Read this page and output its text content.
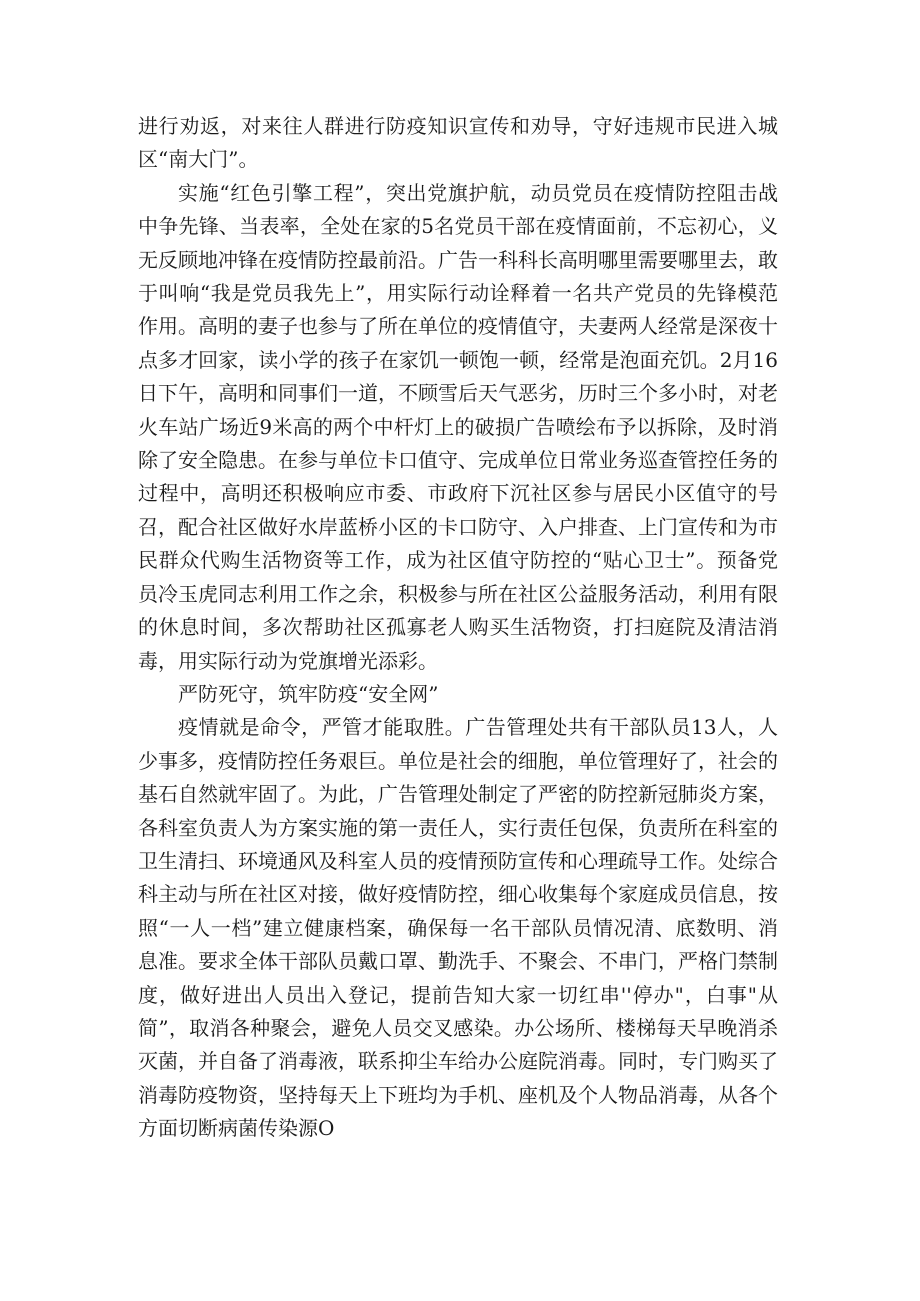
进行劝返，对来往人群进行防疫知识宣传和劝导，守好违规市民进入城区“南大门”。

实施“红色引擎工程”，突出党旗护航，动员党员在疫情防控阻击战中争先锋、当表率，全处在家的5名党员干部在疫情面前，不忘初心，义无反顾地冲锋在疫情防控最前沿。广告一科科长高明哪里需要哪里去，敢于叫响“我是党员我先上”，用实际行动诠释着一名共产党员的先锋模范作用。高明的妻子也参与了所在单位的疫情值守，夫妻两人经常是深夜十点多才回家，读小学的孩子在家饥一顿饱一顿，经常是泡面充饥。2月16日下午，高明和同事们一道，不顾雪后天气恶劣，历时三个多小时，对老火车站广场近9米高的两个中杆灯上的破损广告喷绘布予以拆除，及时消除了安全隐患。在参与单位卡口值守、完成单位日常业务巡查管控任务的过程中，高明还积极响应市委、市政府下沉社区参与居民小区值守的号召，配合社区做好水岸蓝桥小区的卡口防守、入户排查、上门宣传和为市民群众代购生活物资等工作，成为社区值守防控的“贴心卫士”。预备党员冷玉虎同志利用工作之余，积极参与所在社区公益服务活动，利用有限的休息时间，多次帮助社区孤寡老人购买生活物资，打扫庭院及清洁消毒，用实际行动为党旗增光添彩。

严防死守，筑牢防疫“安全网”

疫情就是命令，严管才能取胜。广告管理处共有干部队员13人，人少事多，疫情防控任务艰巨。单位是社会的细胞，单位管理好了，社会的基石自然就牢固了。为此，广告管理处制定了严密的防控新冠肺炎方案，各科室负责人为方案实施的第一责任人，实行责任包保，负责所在科室的卫生清扫、环境通风及科室人员的疫情预防宣传和心理疏导工作。处综合科主动与所在社区对接，做好疫情防控，细心收集每个家庭成员信息，按照“一人一档”建立健康档案，确保每一名干部队员情况清、底数明、消息准。要求全体干部队员戴口罩、勤洗手、不聚会、不串门，严格门禁制度，做好进出人员出入登记，提前告知大家一切红串''停办"，白事"从简”，取消各种聚会，避免人员交叉感染。办公场所、楼梯每天早晚消杀灭菌，并自备了消毒液，联系抑尘车给办公庭院消毒。同时，专门购买了消毒防疫物资，坚持每天上下班均为手机、座机及个人物品消毒，从各个方面切断病菌传染源O
